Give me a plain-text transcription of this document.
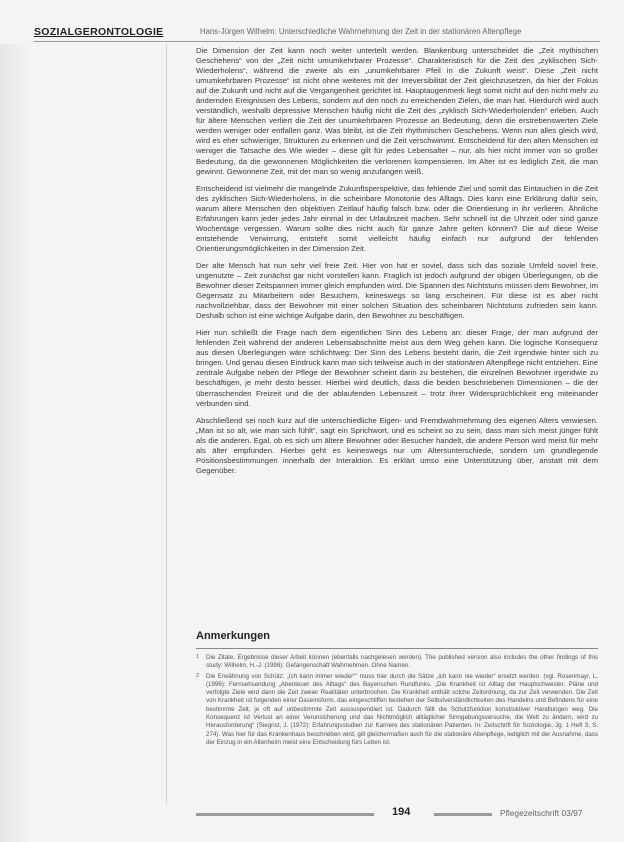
SOZIALGERONTOLOGIE	Hans-Jürgen Wilhelm: Unterschiedliche Wahrnehmung der Zeit in der stationären Altenpflege

Die Dimension der Zeit kann noch weiter unterteilt werden. Blankenburg unterscheidet die „Zeit mythischen Geschehens“ von der „Zeit nicht umumkehrbarer Prozesse“. Charakteristisch für die Zeit des „zyklischen Sich-Wiederholens“, während die zweite als ein „unumkehrbarer Pfeil in die Zukunft weist“. Diese „Zeit nicht umumkehrbaren Prozesse“ ist nicht ohne weiteres mit der Irreversibilität der Zeit gleichzusetzen, da hier der Fokus auf die Zukunft und nicht auf die Vergangenheit gerichtet ist. Hauptaugenmerk liegt somit nicht auf den nicht mehr zu ändernden Ereignissen des Lebens, sondern auf den noch zu erreichenden Zielen, die man hat. Hierdurch wird auch verständlich, weshalb depressive Menschen häufig nicht die Zeit des „zyklisch Sich-Wiederholenden“ erleben. Auch für ältere Menschen verliert die Zeit der unumkehrbaren Prozesse an Bedeutung, denn die erstrebenswerten Ziele werden weniger oder entfallen ganz. Was bleibt, ist die Zeit rhythmischen Geschehens. Wenn nun alles gleich wird, wird es eher schwieriger, Strukturen zu erkennen und die Zeit verschwimmt. Entscheidend für den alten Menschen ist weniger die Tatsache des Wie wieder – diese gilt für jedes Lebensalter – nur, als hier nicht immer von so großer Bedeutung, da die gewonnenen Möglichkeiten die verlorenen kompensieren. Im Alter ist es lediglich Zeit, die man gewinnt. Gewonnene Zeit, mit der man so wenig anzufangen weiß.

Entscheidend ist vielmehr die mangelnde Zukunftsperspektive, das fehlende Ziel und somit das Eintauchen in die Zeit des zyklischen Sich-Wiederholens, in die scheinbare Monotonie des Alltags. Dies kann eine Erklärung dafür sein, warum ältere Menschen den objektiven Zeitlauf häufig falsch bzw. oder die Orientierung in ihr verlieren. Ähnliche Erfahrungen kann jeder jedes Jahr einmal in der Urlaubszeit machen. Sehr schnell ist die Uhrzeit oder sind ganze Wochentage vergessen. Warum sollte dies nicht auch für ganze Jahre gelten können? Die auf diese Weise entstehende Verwirrung, entsteht somit vielleicht häufig einfach nur aufgrund der fehlenden Orientierungsmöglichkeiten in der Dimension Zeit.

Der alte Mensch hat nun sehr viel freie Zeit. Hier von hat er soviel, dass sich das soziale Umfeld soviel freie, ungenutzte – Zeit zunächst gar nicht vorstellen kann. Fraglich ist jedoch aufgrund der obigen Überlegungen, ob die Bewohner dieser Zeitspannen immer gleich empfunden wird. Die Spannen des Nichtstuns müssen dem Bewohner, im Gegensatz zu Mitarbeitern oder Besuchern, keineswegs so lang erscheinen. Für diese ist es aber nicht nachvollziehbar, dass der Bewohner mit einer solchen Situation des scheinbaren Nichtstuns zufrieden sein kann. Deshalb schon ist eine wichtige Aufgabe darin, den Bewohner zu beschäftigen.

Hier nun schließt die Frage nach dem eigentlichen Sinn des Lebens an: dieser Frage, der man aufgrund der fehlenden Zeit während der anderen Lebensabschnitte meist aus dem Weg gehen kann. Die logische Konsequenz aus diesen Überlegungen wäre schlichtweg: Der Sinn des Lebens besteht darin, die Zeit irgendwie hinter sich zu bringen. Und genau diesen Eindruck kann man sich teilweise auch in der stationären Altenpflege nicht entziehen. Eine zentrale Aufgabe neben der Pflege der Bewohner scheint darin zu bestehen, die einzelnen Bewohner irgendwie zu beschäftigen, je mehr desto besser. Hierbei wird deutlich, dass die beiden beschriebenen Dimensionen – die der überraschenden Freizeit und die der ablaufenden Lebenszeit – trotz ihrer Widersprüchlichkeit eng miteinander verbunden sind.

Abschließend sei noch kurz auf die unterschiedliche Eigen- und Fremdwahrnehmung des eigenen Alters verwiesen. „Man ist so alt, wie man sich fühlt“, sagt ein Sprichwort, und es scheint so zu sein, dass man sich meist jünger fühlt als die anderen. Egal, ob es sich um ältere Bewohner oder Besucher handelt, die andere Person wird meist für mehr als älter empfunden. Hierbei geht es keineswegs nur um Altersunterschiede, sondern um grundlegende Positionsbestimmungen innerhalb der Interaktion. Es erklärt umso eine Unterstützung über, anstatt mit dem Gegenüber.

Anmerkungen
1 Die Zitate. Ergebnisse dieser Arbeit können (ebenfalls nachgelesen werden). The published version also includes the other findings of this study: Wilhelm, H.-J. (1998): Gefangenschaft Wahrnehmen. Ohne Namen.
2 Die Erwähnung von Schütz: „Ich kann immer wieder“” muss hier durch die Sätze „ich kann nie wieder“ ersetzt werden. (vgl. Rosenmayr, L. (1996): Fernsehsendung „Abenteuer des Alltags“ des Bayerischen Rundfunks. „Die Krankheit ist Alltag der Hauptschwester. Pläne und verfolgte Ziele wird dann die Zeit zweier Realitäten unterbrochen. Die Krankheit enthält solche Zeitordnung, da zur Zeit verwenden. Die Zeit von Krankheit ist folgenden einer Daseinsform, das eingeschliffen bestehen der Selbstverständlichkeiten des Handelns und Befindens für eine bestimmte Zeit, je oft auf unbestimmte Zeit aussuspendiert ist. Dadurch fällt die Schutzfunktion konstruktiver Handlungen weg. Die Konsequenz ist Verlust an einer Verunsicherung und das Nichtmöglich alltäglicher Sinngebungsversuche, die Welt zu ändern, wird zu Herausforderung“ (Siegrist, J. (1972): Erfahrungsstudien zur Karriere des stationären Patienten. In: Zeitschrift für Soziologie, Jg. 1 Heft 3, S. 274). Was hier für das Krankenhaus beschrieben wird, gilt gleichermaßen auch für die stationäre Altenpflege, lediglich mit der Ausnahme, dass der Einzug in ein Altenheim meist eine Entscheidung fürs Leben ist.
194	Pflegezeitschrift 03/97
